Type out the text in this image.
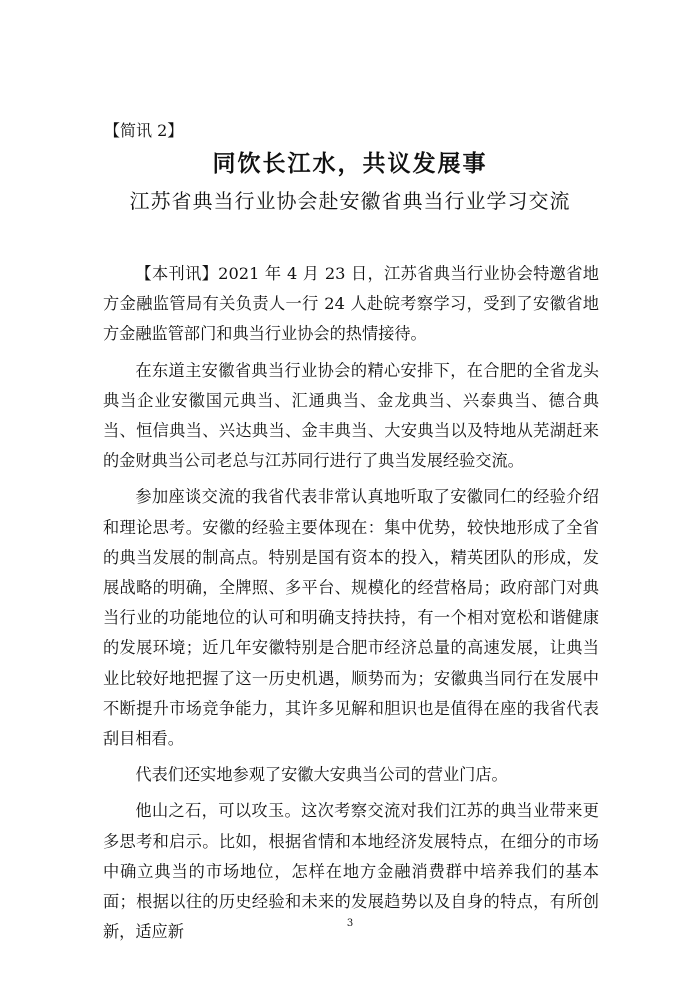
【简讯 2】
同饮长江水，共议发展事
江苏省典当行业协会赴安徽省典当行业学习交流

【本刊讯】2021 年 4 月 23 日，江苏省典当行业协会特邀省地方金融监管局有关负责人一行 24 人赴皖考察学习，受到了安徽省地方金融监管部门和典当行业协会的热情接待。

在东道主安徽省典当行业协会的精心安排下，在合肥的全省龙头典当企业安徽国元典当、汇通典当、金龙典当、兴泰典当、德合典当、恒信典当、兴达典当、金丰典当、大安典当以及特地从芜湖赶来的金财典当公司老总与江苏同行进行了典当发展经验交流。

参加座谈交流的我省代表非常认真地听取了安徽同仁的经验介绍和理论思考。安徽的经验主要体现在：集中优势，较快地形成了全省的典当发展的制高点。特别是国有资本的投入，精英团队的形成，发展战略的明确，全牌照、多平台、规模化的经营格局；政府部门对典当行业的功能地位的认可和明确支持扶持，有一个相对宽松和谐健康的发展环境；近几年安徽特别是合肥市经济总量的高速发展，让典当业比较好地把握了这一历史机遇，顺势而为；安徽典当同行在发展中不断提升市场竞争能力，其许多见解和胆识也是值得在座的我省代表刮目相看。

代表们还实地参观了安徽大安典当公司的营业门店。

他山之石，可以攻玉。这次考察交流对我们江苏的典当业带来更多思考和启示。比如，根据省情和本地经济发展特点，在细分的市场中确立典当的市场地位，怎样在地方金融消费群中培养我们的基本面；根据以往的历史经验和未来的发展趋势以及自身的特点，有所创新，适应新	3
